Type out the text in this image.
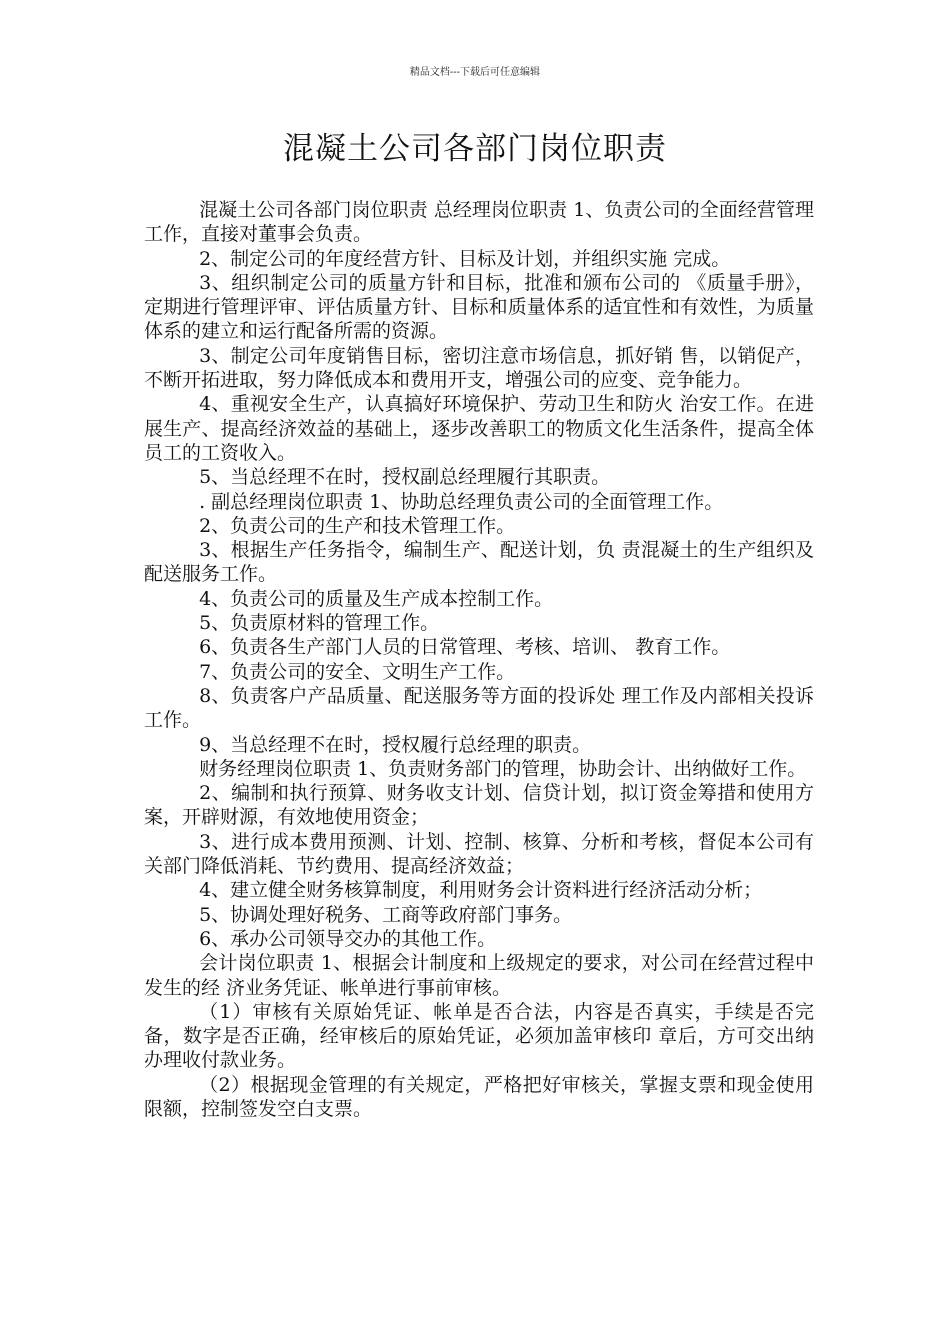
精品文档---下载后可任意编辑
混凝土公司各部门岗位职责

混凝土公司各部门岗位职责 总经理岗位职责 1、负责公司的全面经营管理工作，直接对董事会负责。

2、制定公司的年度经营方针、目标及计划，并组织实施 完成。

3、组织制定公司的质量方针和目标，批准和颁布公司的 《质量手册》，定期进行管理评审、评估质量方针、目标和质量体系的适宜性和有效性，为质量体系的建立和运行配备所需的资源。

3、制定公司年度销售目标，密切注意市场信息，抓好销 售，以销促产，不断开拓进取，努力降低成本和费用开支，增强公司的应变、竞争能力。

4、重视安全生产，认真搞好环境保护、劳动卫生和防火 治安工作。在进展生产、提高经济效益的基础上，逐步改善职工的物质文化生活条件，提高全体员工的工资收入。

5、当总经理不在时，授权副总经理履行其职责。

. 副总经理岗位职责 1、协助总经理负责公司的全面管理工作。

2、负责公司的生产和技术管理工作。

3、根据生产任务指令，编制生产、配送计划，负 责混凝土的生产组织及配送服务工作。

4、负责公司的质量及生产成本控制工作。

5、负责原材料的管理工作。

6、负责各生产部门人员的日常管理、考核、培训、 教育工作。

7、负责公司的安全、文明生产工作。

8、负责客户产品质量、配送服务等方面的投诉处 理工作及内部相关投诉工作。

9、当总经理不在时，授权履行总经理的职责。

财务经理岗位职责 1、负责财务部门的管理，协助会计、出纳做好工作。

2、编制和执行预算、财务收支计划、信贷计划，拟订资金筹措和使用方案，开辟财源，有效地使用资金；

3、进行成本费用预测、计划、控制、核算、分析和考核，督促本公司有关部门降低消耗、节约费用、提高经济效益；

4、建立健全财务核算制度，利用财务会计资料进行经济活动分析；

5、协调处理好税务、工商等政府部门事务。

6、承办公司领导交办的其他工作。

会计岗位职责 1、根据会计制度和上级规定的要求，对公司在经营过程中发生的经 济业务凭证、帐单进行事前审核。

（1）审核有关原始凭证、帐单是否合法，内容是否真实，手续是否完备，数字是否正确，经审核后的原始凭证，必须加盖审核印 章后，方可交出纳办理收付款业务。

（2）根据现金管理的有关规定，严格把好审核关，掌握支票和现金使用限额，控制签发空白支票。
